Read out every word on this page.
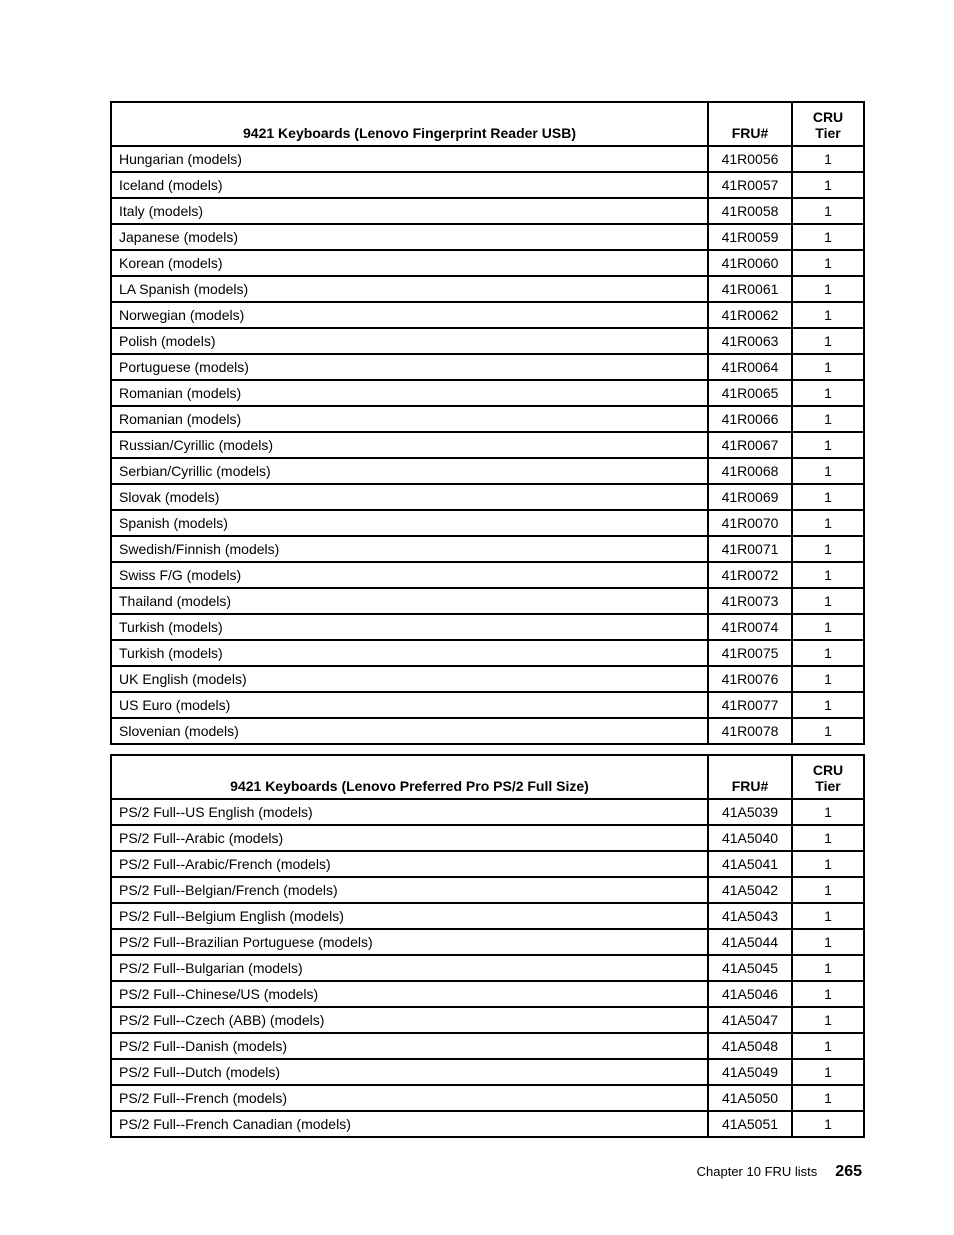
9421 Keyboards (Lenovo Fingerprint Reader USB)	FRU#	CRU
Tier

Hungarian (models)	41R0056	1
Iceland (models)	41R0057	1
Italy (models)	41R0058	1
Japanese (models)	41R0059	1
Korean (models)	41R0060	1
LA Spanish (models)	41R0061	1
Norwegian (models)	41R0062	1
Polish (models)	41R0063	1
Portuguese (models)	41R0064	1
Romanian (models)	41R0065	1
Romanian (models)	41R0066	1
Russian/Cyrillic (models)	41R0067	1
Serbian/Cyrillic (models)	41R0068	1
Slovak (models)	41R0069	1
Spanish (models)	41R0070	1
Swedish/Finnish (models)	41R0071	1
Swiss F/G (models)	41R0072	1
Thailand (models)	41R0073	1
Turkish (models)	41R0074	1
Turkish (models)	41R0075	1
UK English (models)	41R0076	1
US Euro (models)	41R0077	1
Slovenian (models)	41R0078	1
9421 Keyboards (Lenovo Preferred Pro PS/2 Full Size)	FRU#	CRU
Tier

PS/2 Full--US English (models)	41A5039	1
PS/2 Full--Arabic (models)	41A5040	1
PS/2 Full--Arabic/French (models)	41A5041	1
PS/2 Full--Belgian/French (models)	41A5042	1
PS/2 Full--Belgium English (models)	41A5043	1
PS/2 Full--Brazilian Portuguese (models)	41A5044	1
PS/2 Full--Bulgarian (models)	41A5045	1
PS/2 Full--Chinese/US (models)	41A5046	1
PS/2 Full--Czech (ABB) (models)	41A5047	1
PS/2 Full--Danish (models)	41A5048	1
PS/2 Full--Dutch (models)	41A5049	1
PS/2 Full--French (models)	41A5050	1
PS/2 Full--French Canadian (models)	41A5051	1
Chapter 10 FRU lists 265
